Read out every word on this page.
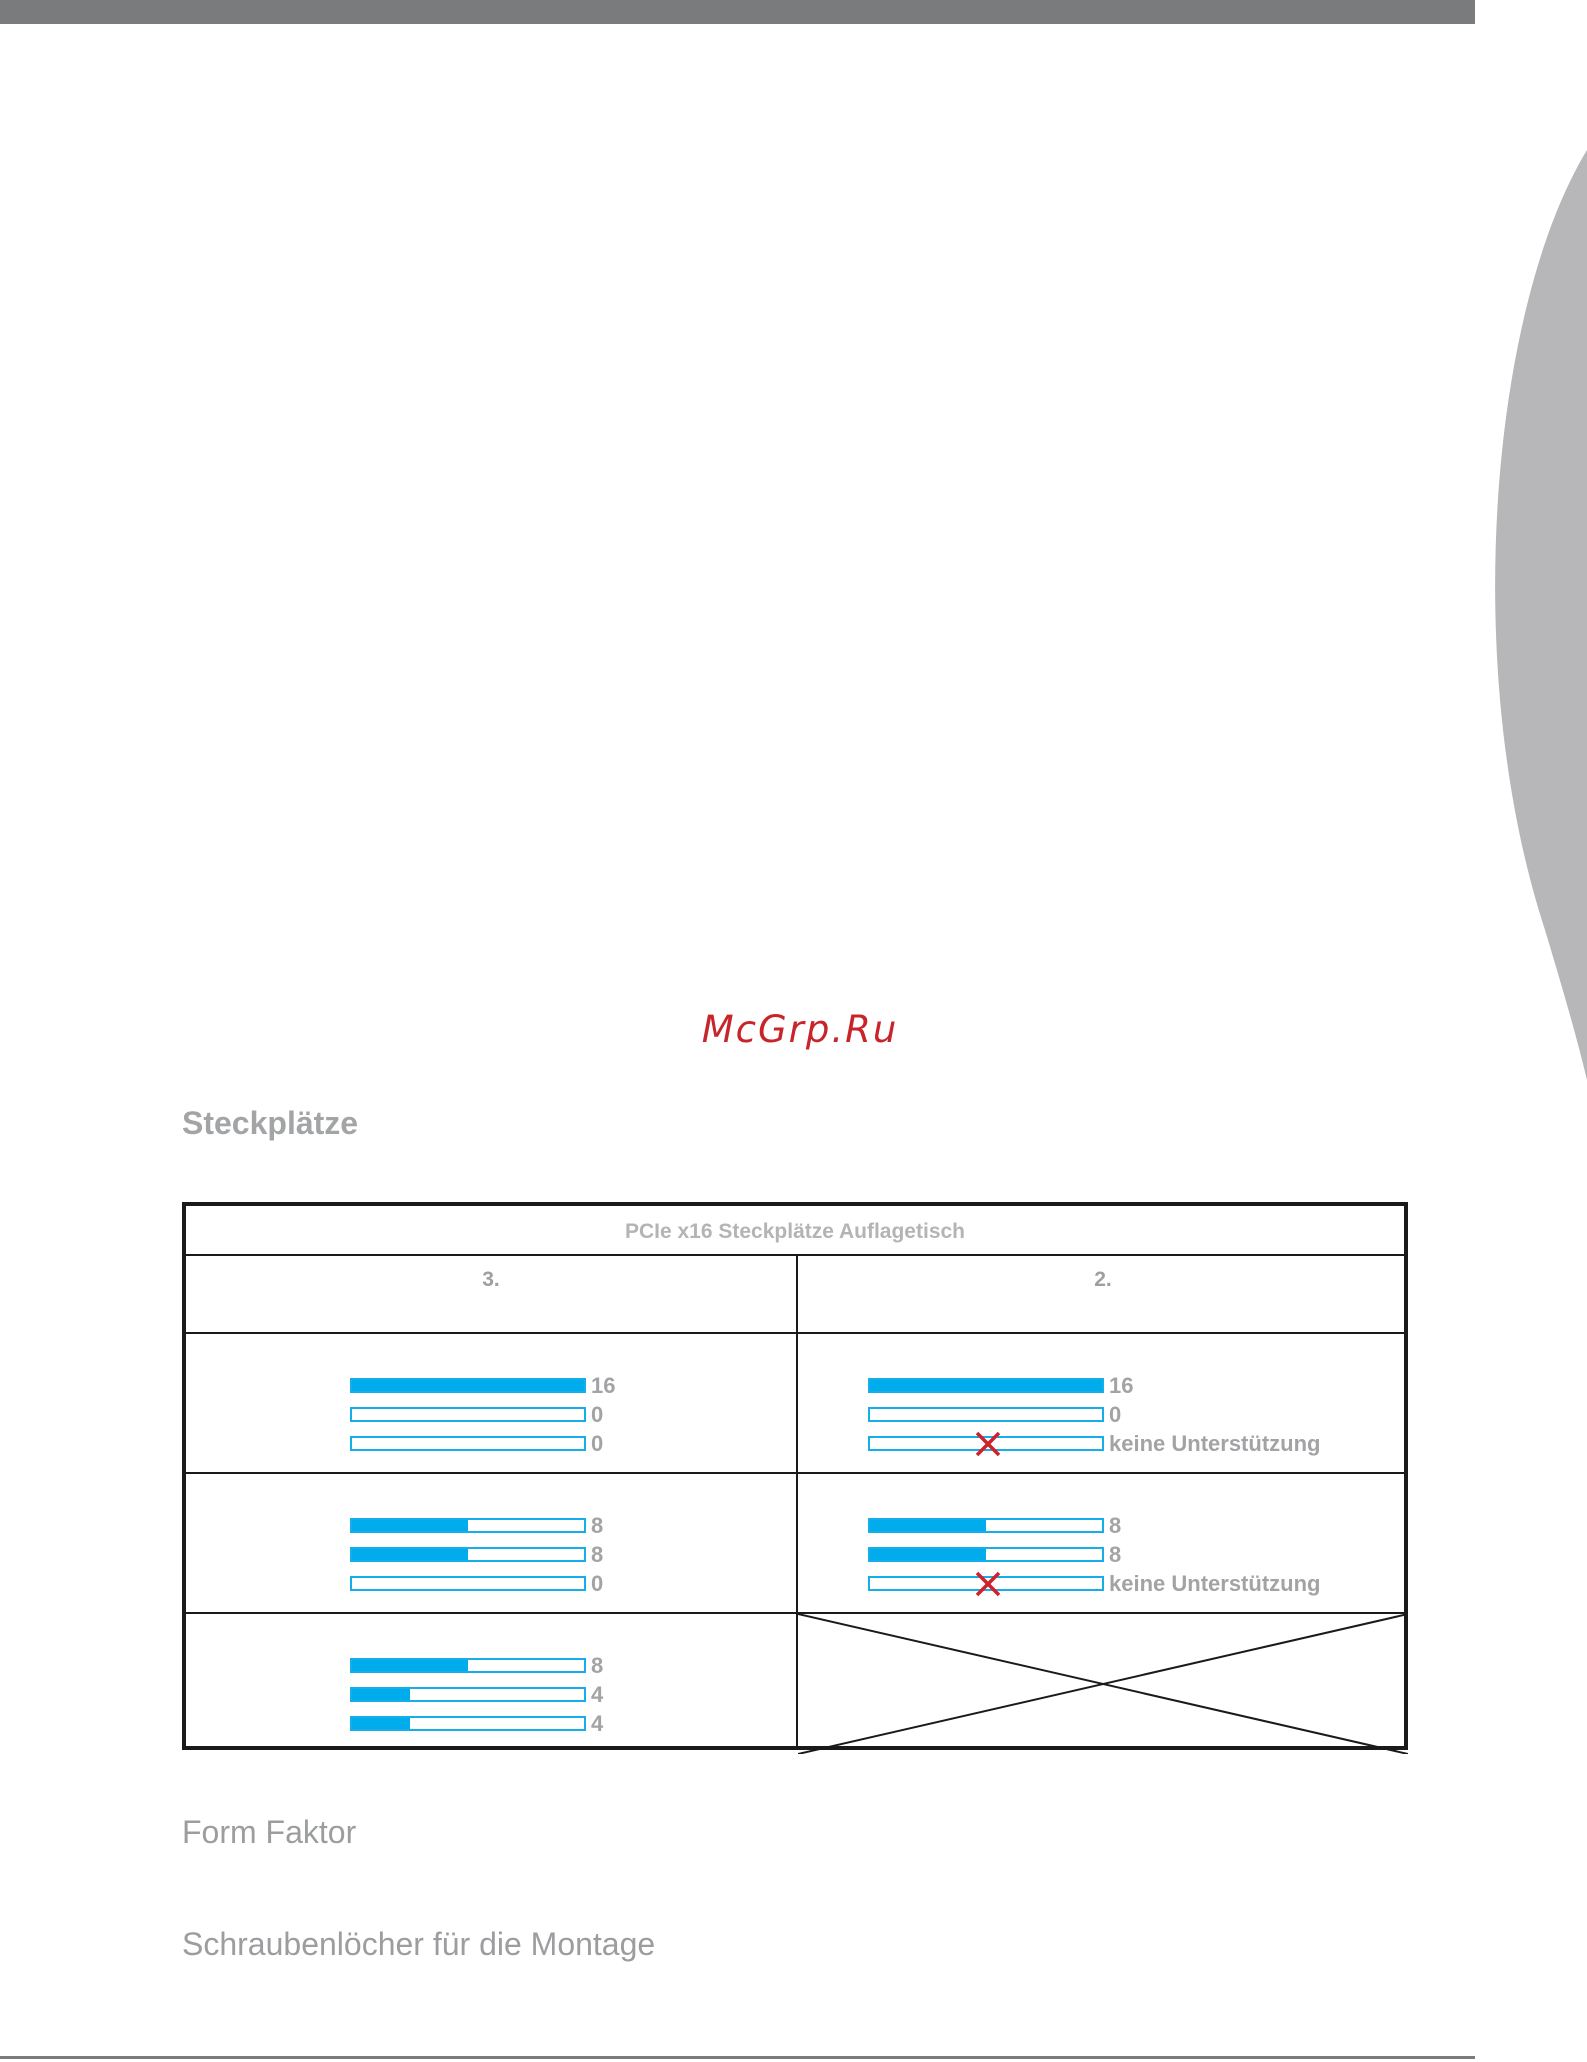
McGrp.Ru
Steckplätze
PCIe x16 Steckplätze Auflagetisch
3.	2.
16
0
0
16
0
keine Unterstützung
8
8
0
8
8
keine Unterstützung
8
4
4
Form Faktor
Schraubenlöcher für die Montage
